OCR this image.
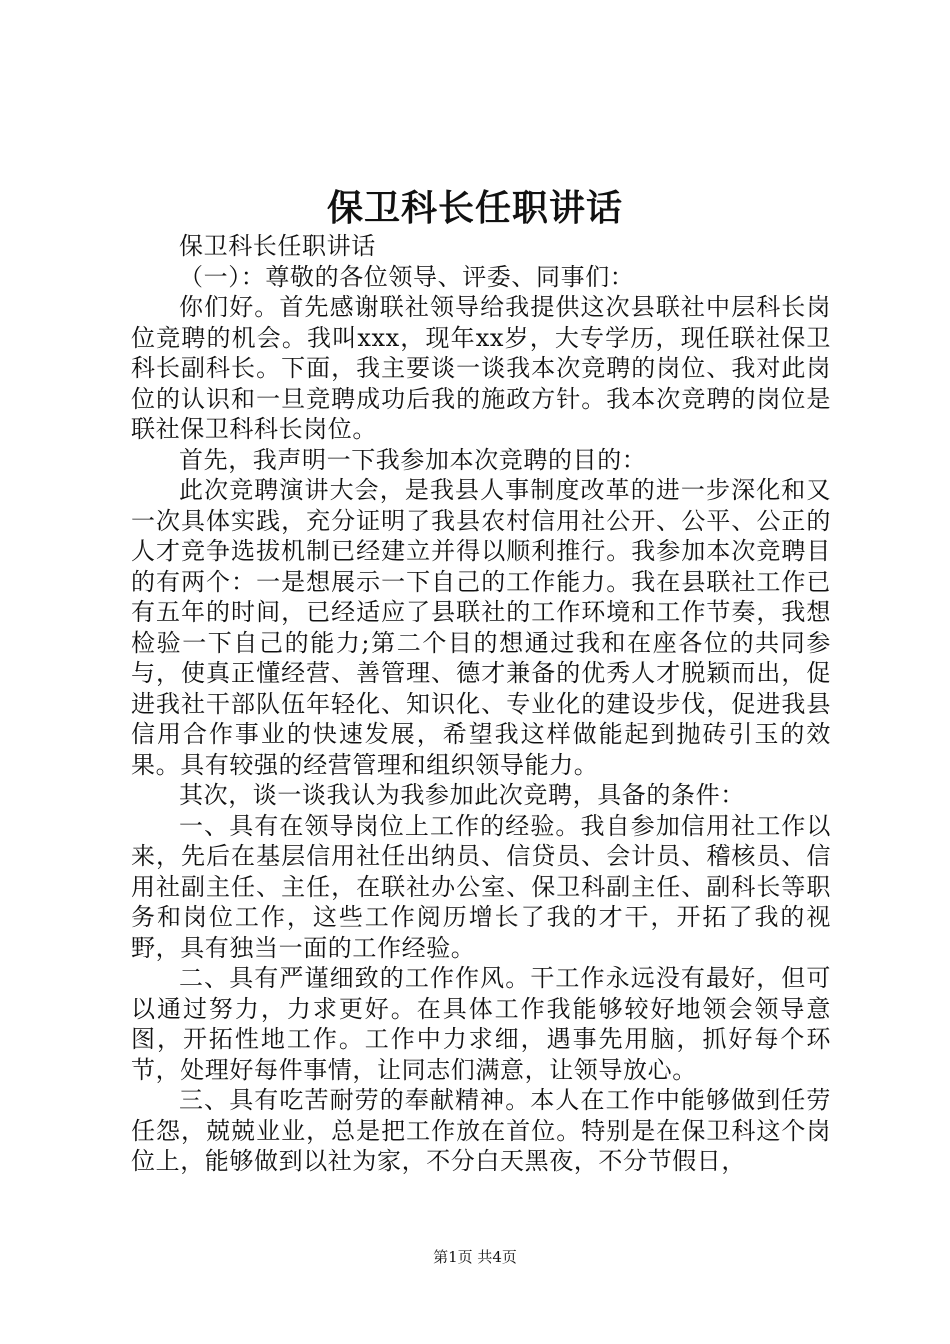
保卫科长任职讲话

保卫科长任职讲话

（一）：尊敬的各位领导、评委、同事们：

你们好。首先感谢联社领导给我提供这次县联社中层科长岗位竞聘的机会。我叫xxx，现年xx岁，大专学历，现任联社保卫科长副科长。下面，我主要谈一谈我本次竞聘的岗位、我对此岗位的认识和一旦竞聘成功后我的施政方针。我本次竞聘的岗位是联社保卫科科长岗位。

首先，我声明一下我参加本次竞聘的目的：

此次竞聘演讲大会，是我县人事制度改革的进一步深化和又一次具体实践，充分证明了我县农村信用社公开、公平、公正的人才竞争选拔机制已经建立并得以顺利推行。我参加本次竞聘目的有两个：一是想展示一下自己的工作能力。我在县联社工作已有五年的时间，已经适应了县联社的工作环境和工作节奏，我想检验一下自己的能力;第二个目的想通过我和在座各位的共同参与，使真正懂经营、善管理、德才兼备的优秀人才脱颖而出，促进我社干部队伍年轻化、知识化、专业化的建设步伐，促进我县信用合作事业的快速发展，希望我这样做能起到抛砖引玉的效果。具有较强的经营管理和组织领导能力。

其次，谈一谈我认为我参加此次竞聘，具备的条件：

一、具有在领导岗位上工作的经验。我自参加信用社工作以来，先后在基层信用社任出纳员、信贷员、会计员、稽核员、信用社副主任、主任，在联社办公室、保卫科副主任、副科长等职务和岗位工作，这些工作阅历增长了我的才干，开拓了我的视野，具有独当一面的工作经验。

二、具有严谨细致的工作作风。干工作永远没有最好，但可以通过努力，力求更好。在具体工作我能够较好地领会领导意图，开拓性地工作。工作中力求细，遇事先用脑，抓好每个环节，处理好每件事情，让同志们满意，让领导放心。

三、具有吃苦耐劳的奉献精神。本人在工作中能够做到任劳任怨，兢兢业业，总是把工作放在首位。特别是在保卫科这个岗位上，能够做到以社为家，不分白天黑夜，不分节假日，

第1页 共4页
